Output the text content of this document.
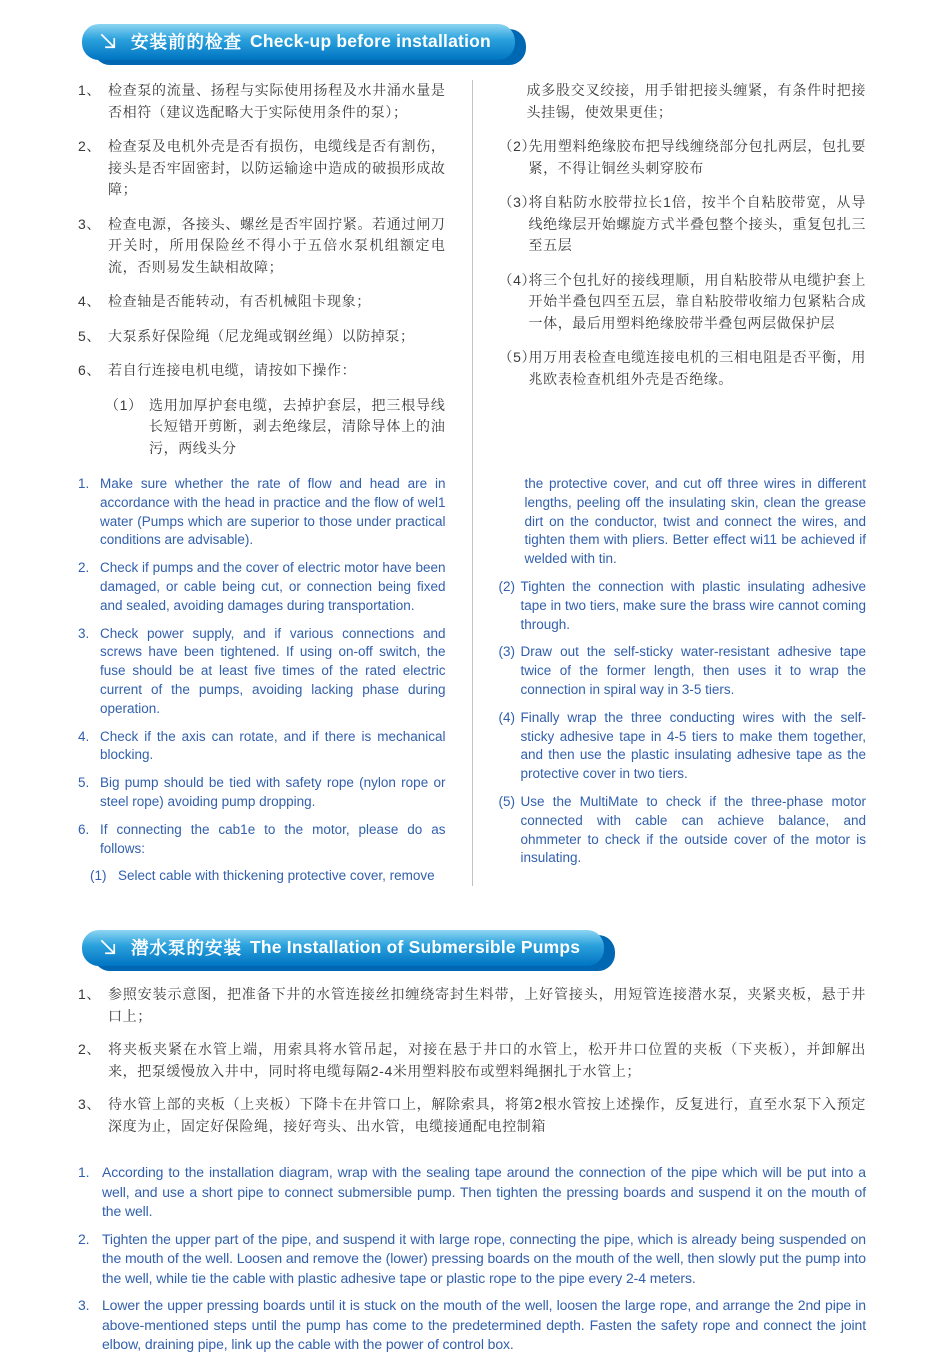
安装前的检查 Check-up before installation
1、 检查泵的流量、扬程与实际使用扬程及水井涌水量是否相符（建议选配略大于实际使用条件的泵）；
2、 检查泵及电机外壳是否有损伤，电缆线是否有割伤，接头是否牢固密封，以防运输途中造成的破损形成故障；
3、 检查电源，各接头、螺丝是否牢固拧紧。若通过闸刀开关时，所用保险丝不得小于五倍水泵机组额定电流，否则易发生缺相故障；
4、 检查轴是否能转动，有否机械阻卡现象；
5、 大泵系好保险绳（尼龙绳或钢丝绳）以防掉泵；
6、 若自行连接电机电缆，请按如下操作：
（1） 选用加厚护套电缆，去掉护套层，把三根导线长短错开剪断，剥去绝缘层，清除导体上的油污，两线头分
成多股交叉绞接，用手钳把接头缠紧，有条件时把接头挂锡，使效果更佳；
（2）
先用塑料绝缘胶布把导线缠绕部分包扎两层，包扎要紧，不得让铜丝头刺穿胶布
（3）
将自粘防水胶带拉长1倍，按半个自粘胶带宽，从导线绝缘层开始螺旋方式半叠包整个接头，重复包扎三至五层
（4）
将三个包扎好的接线理顺，用自粘胶带从电缆护套上开始半叠包四至五层，靠自粘胶带收缩力包紧粘合成一体，最后用塑料绝缘胶带半叠包两层做保护层
（5）
用万用表检查电缆连接电机的三相电阻是否平衡，用兆欧表检查机组外壳是否绝缘。
1. Make sure whether the rate of flow and head are in accordance with the head in practice and the flow of wel1 water (Pumps which are superior to those under practical conditions are advisable).
2. Check if pumps and the cover of electric motor have been damaged, or cable being cut, or connection being fixed and sealed, avoiding damages during transportation.
3. Check power supply, and if various connections and screws have been tightened. If using on-off switch, the fuse should be at least five times of the rated electric current of the pumps, avoiding lacking phase during operation.
4. Check if the axis can rotate, and if there is mechanical blocking.
5. Big pump should be tied with safety rope (nylon rope or steel rope) avoiding pump dropping.
6. If connecting the cab1e to the motor, please do as follows:
(1) Select cable with thickening protective cover, remove
the protective cover, and cut off three wires in different lengths, peeling off the insulating skin, clean the grease dirt on the conductor, twist and connect the wires, and tighten them with pliers. Better effect wi11 be achieved if welded with tin.
(2) Tighten the connection with plastic insulating adhesive tape in two tiers, make sure the brass wire cannot coming through.
(3) Draw out the self-sticky water-resistant adhesive tape twice of the former length, then uses it to wrap the connection in spiral way in 3-5 tiers.
(4) Finally wrap the three conducting wires with the self-sticky adhesive tape in 4-5 tiers to make them together, and then use the plastic insulating adhesive tape as the protective cover in two tiers.
(5) Use the MultiMate to check if the three-phase motor connected with cable can achieve balance, and ohmmeter to check if the outside cover of the motor is insulating.
潜水泵的安装 The Installation of Submersible Pumps
1、 参照安装示意图，把准备下井的水管连接丝扣缠绕寄封生料带，上好管接头，用短管连接潜水泵，夹紧夹板，悬于井口上；
2、 将夹板夹紧在水管上端，用索具将水管吊起，对接在悬于井口的水管上，松开井口位置的夹板（下夹板），并卸解出来，把泵缓慢放入井中，同时将电缆每隔2-4米用塑料胶布或塑料绳捆扎于水管上；
3、 待水管上部的夹板（上夹板）下降卡在井管口上，解除索具，将第2根水管按上述操作，反复进行，直至水泵下入预定深度为止，固定好保险绳，接好弯头、出水管，电缆接通配电控制箱
1. According to the installation diagram, wrap with the sealing tape around the connection of the pipe which will be put into a well, and use a short pipe to connect submersible pump. Then tighten the pressing boards and suspend it on the mouth of the well.
2. Tighten the upper part of the pipe, and suspend it with large rope, connecting the pipe, which is already being suspended on the mouth of the well. Loosen and remove the (lower) pressing boards on the mouth of the well, then slowly put the pump into the well, while tie the cable with plastic adhesive tape or plastic rope to the pipe every 2-4 meters.
3. Lower the upper pressing boards until it is stuck on the mouth of the well, loosen the large rope, and arrange the 2nd pipe in above-mentioned steps until the pump has come to the predetermined depth. Fasten the safety rope and connect the joint elbow, draining pipe, link up the cable with the power of control box.
